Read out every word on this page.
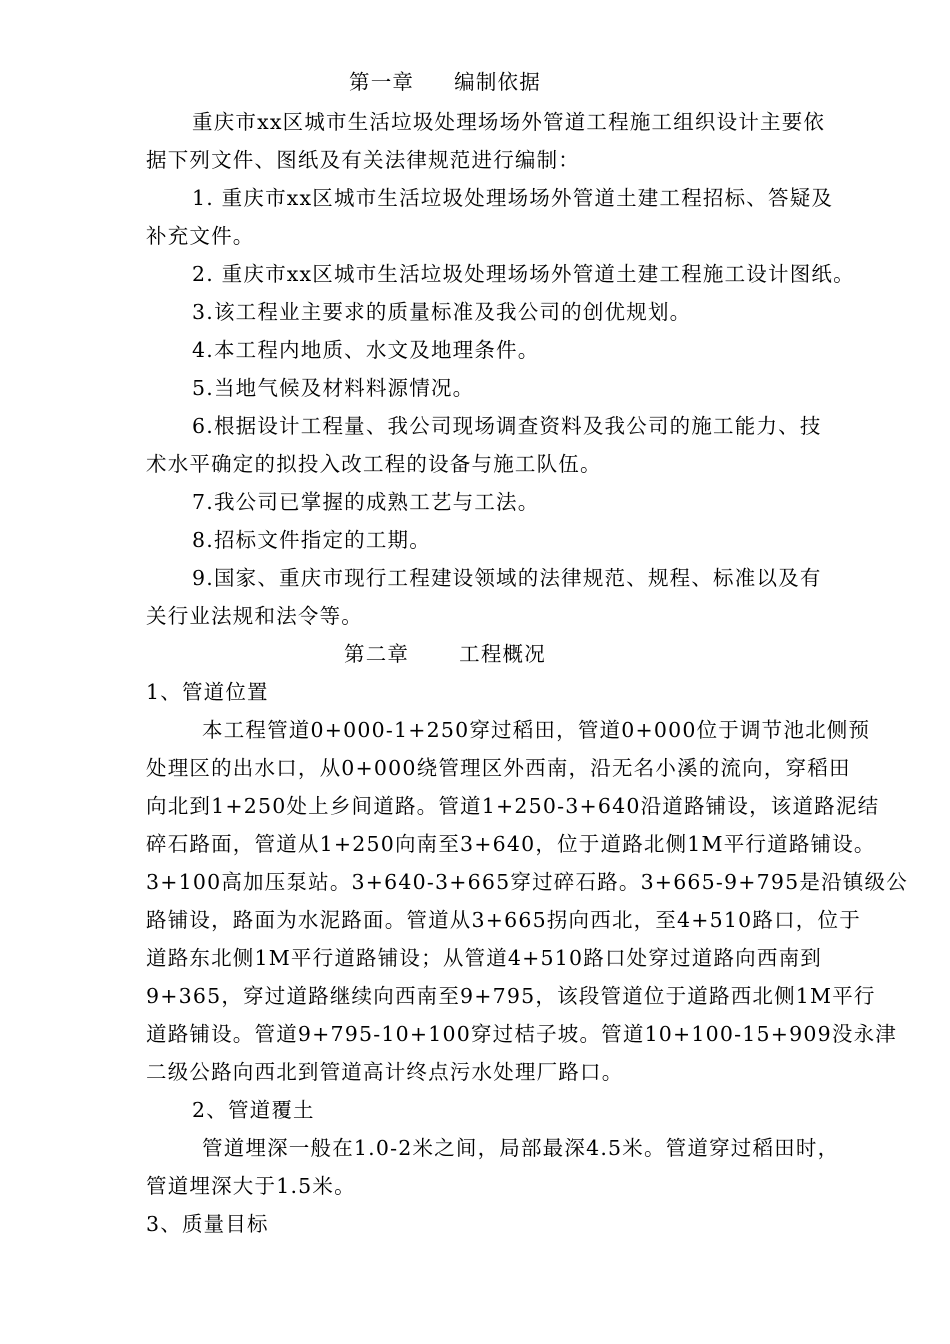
第一章 编制依据
重庆市xx区城市生活垃圾处理场场外管道工程施工组织设计主要依
据下列文件、图纸及有关法律规范进行编制：
1. 重庆市xx区城市生活垃圾处理场场外管道土建工程招标、答疑及
补充文件。
2. 重庆市xx区城市生活垃圾处理场场外管道土建工程施工设计图纸。
3.该工程业主要求的质量标准及我公司的创优规划。
4.本工程内地质、水文及地理条件。
5.当地气候及材料料源情况。
6.根据设计工程量、我公司现场调查资料及我公司的施工能力、技
术水平确定的拟投入改工程的设备与施工队伍。
7.我公司已掌握的成熟工艺与工法。
8.招标文件指定的工期。
9.国家、重庆市现行工程建设领域的法律规范、规程、标准以及有
关行业法规和法令等。
第二章 工程概况
1、管道位置
本工程管道0+000-1+250穿过稻田，管道0+000位于调节池北侧预
处理区的出水口，从0+000绕管理区外西南，沿无名小溪的流向，穿稻田
向北到1+250处上乡间道路。管道1+250-3+640沿道路铺设，该道路泥结
碎石路面，管道从1+250向南至3+640，位于道路北侧1M平行道路铺设。
3+100高加压泵站。3+640-3+665穿过碎石路。3+665-9+795是沿镇级公
路铺设，路面为水泥路面。管道从3+665拐向西北，至4+510路口，位于
道路东北侧1M平行道路铺设；从管道4+510路口处穿过道路向西南到
9+365，穿过道路继续向西南至9+795，该段管道位于道路西北侧1M平行
道路铺设。管道9+795-10+100穿过桔子坡。管道10+100-15+909没永津
二级公路向西北到管道高计终点污水处理厂路口。
2、管道覆土
管道埋深一般在1.0-2米之间，局部最深4.5米。管道穿过稻田时，
管道埋深大于1.5米。
3、质量目标
